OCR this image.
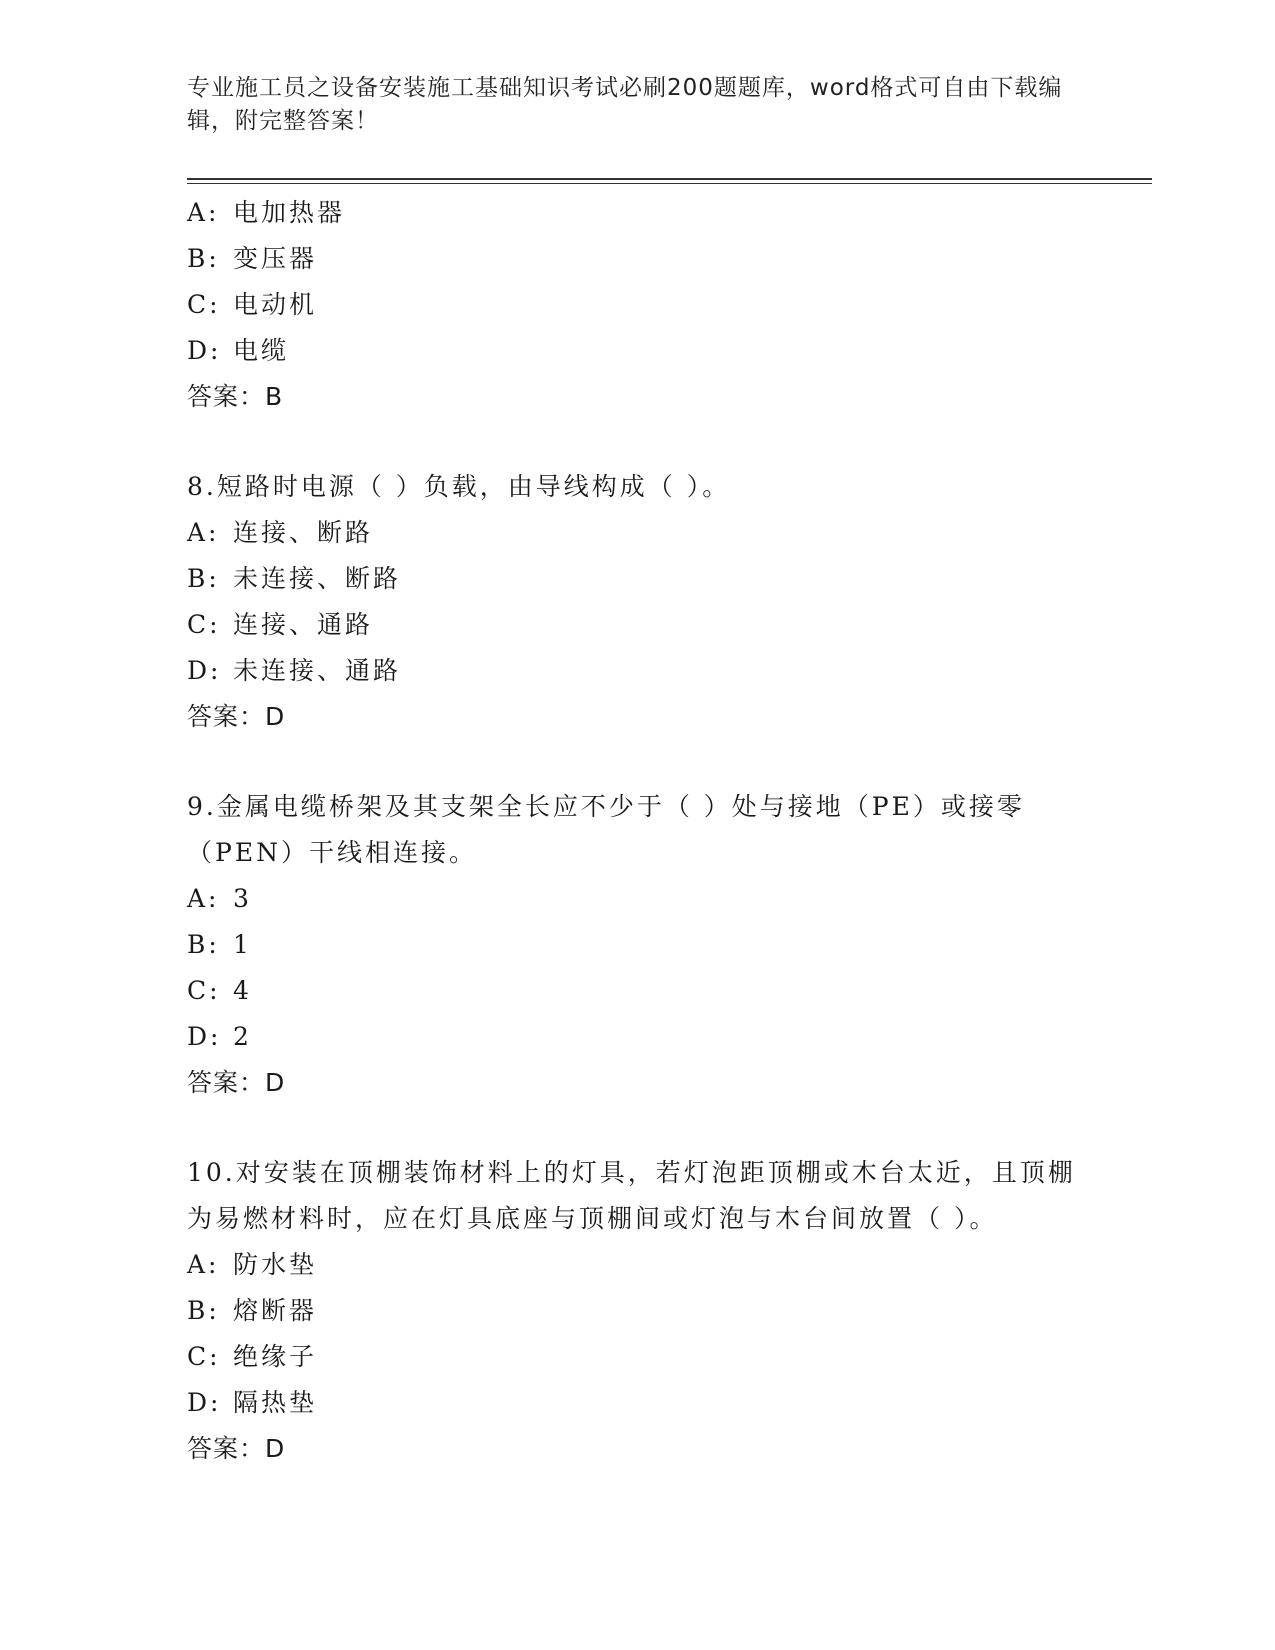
专业施工员之设备安装施工基础知识考试必刷200题题库，word格式可自由下载编辑，附完整答案！
A: 电加热器
B: 变压器
C: 电动机
D: 电缆
答案：B
8.短路时电源（ ）负载，由导线构成（ ）。
A: 连接、断路
B: 未连接、断路
C: 连接、通路
D: 未连接、通路
答案：D
9.金属电缆桥架及其支架全长应不少于（ ）处与接地（PE）或接零（PEN）干线相连接。
A: 3
B: 1
C: 4
D: 2
答案：D
10.对安装在顶棚装饰材料上的灯具，若灯泡距顶棚或木台太近，且顶棚为易燃材料时，应在灯具底座与顶棚间或灯泡与木台间放置（ ）。
A: 防水垫
B: 熔断器
C: 绝缘子
D: 隔热垫
答案：D
